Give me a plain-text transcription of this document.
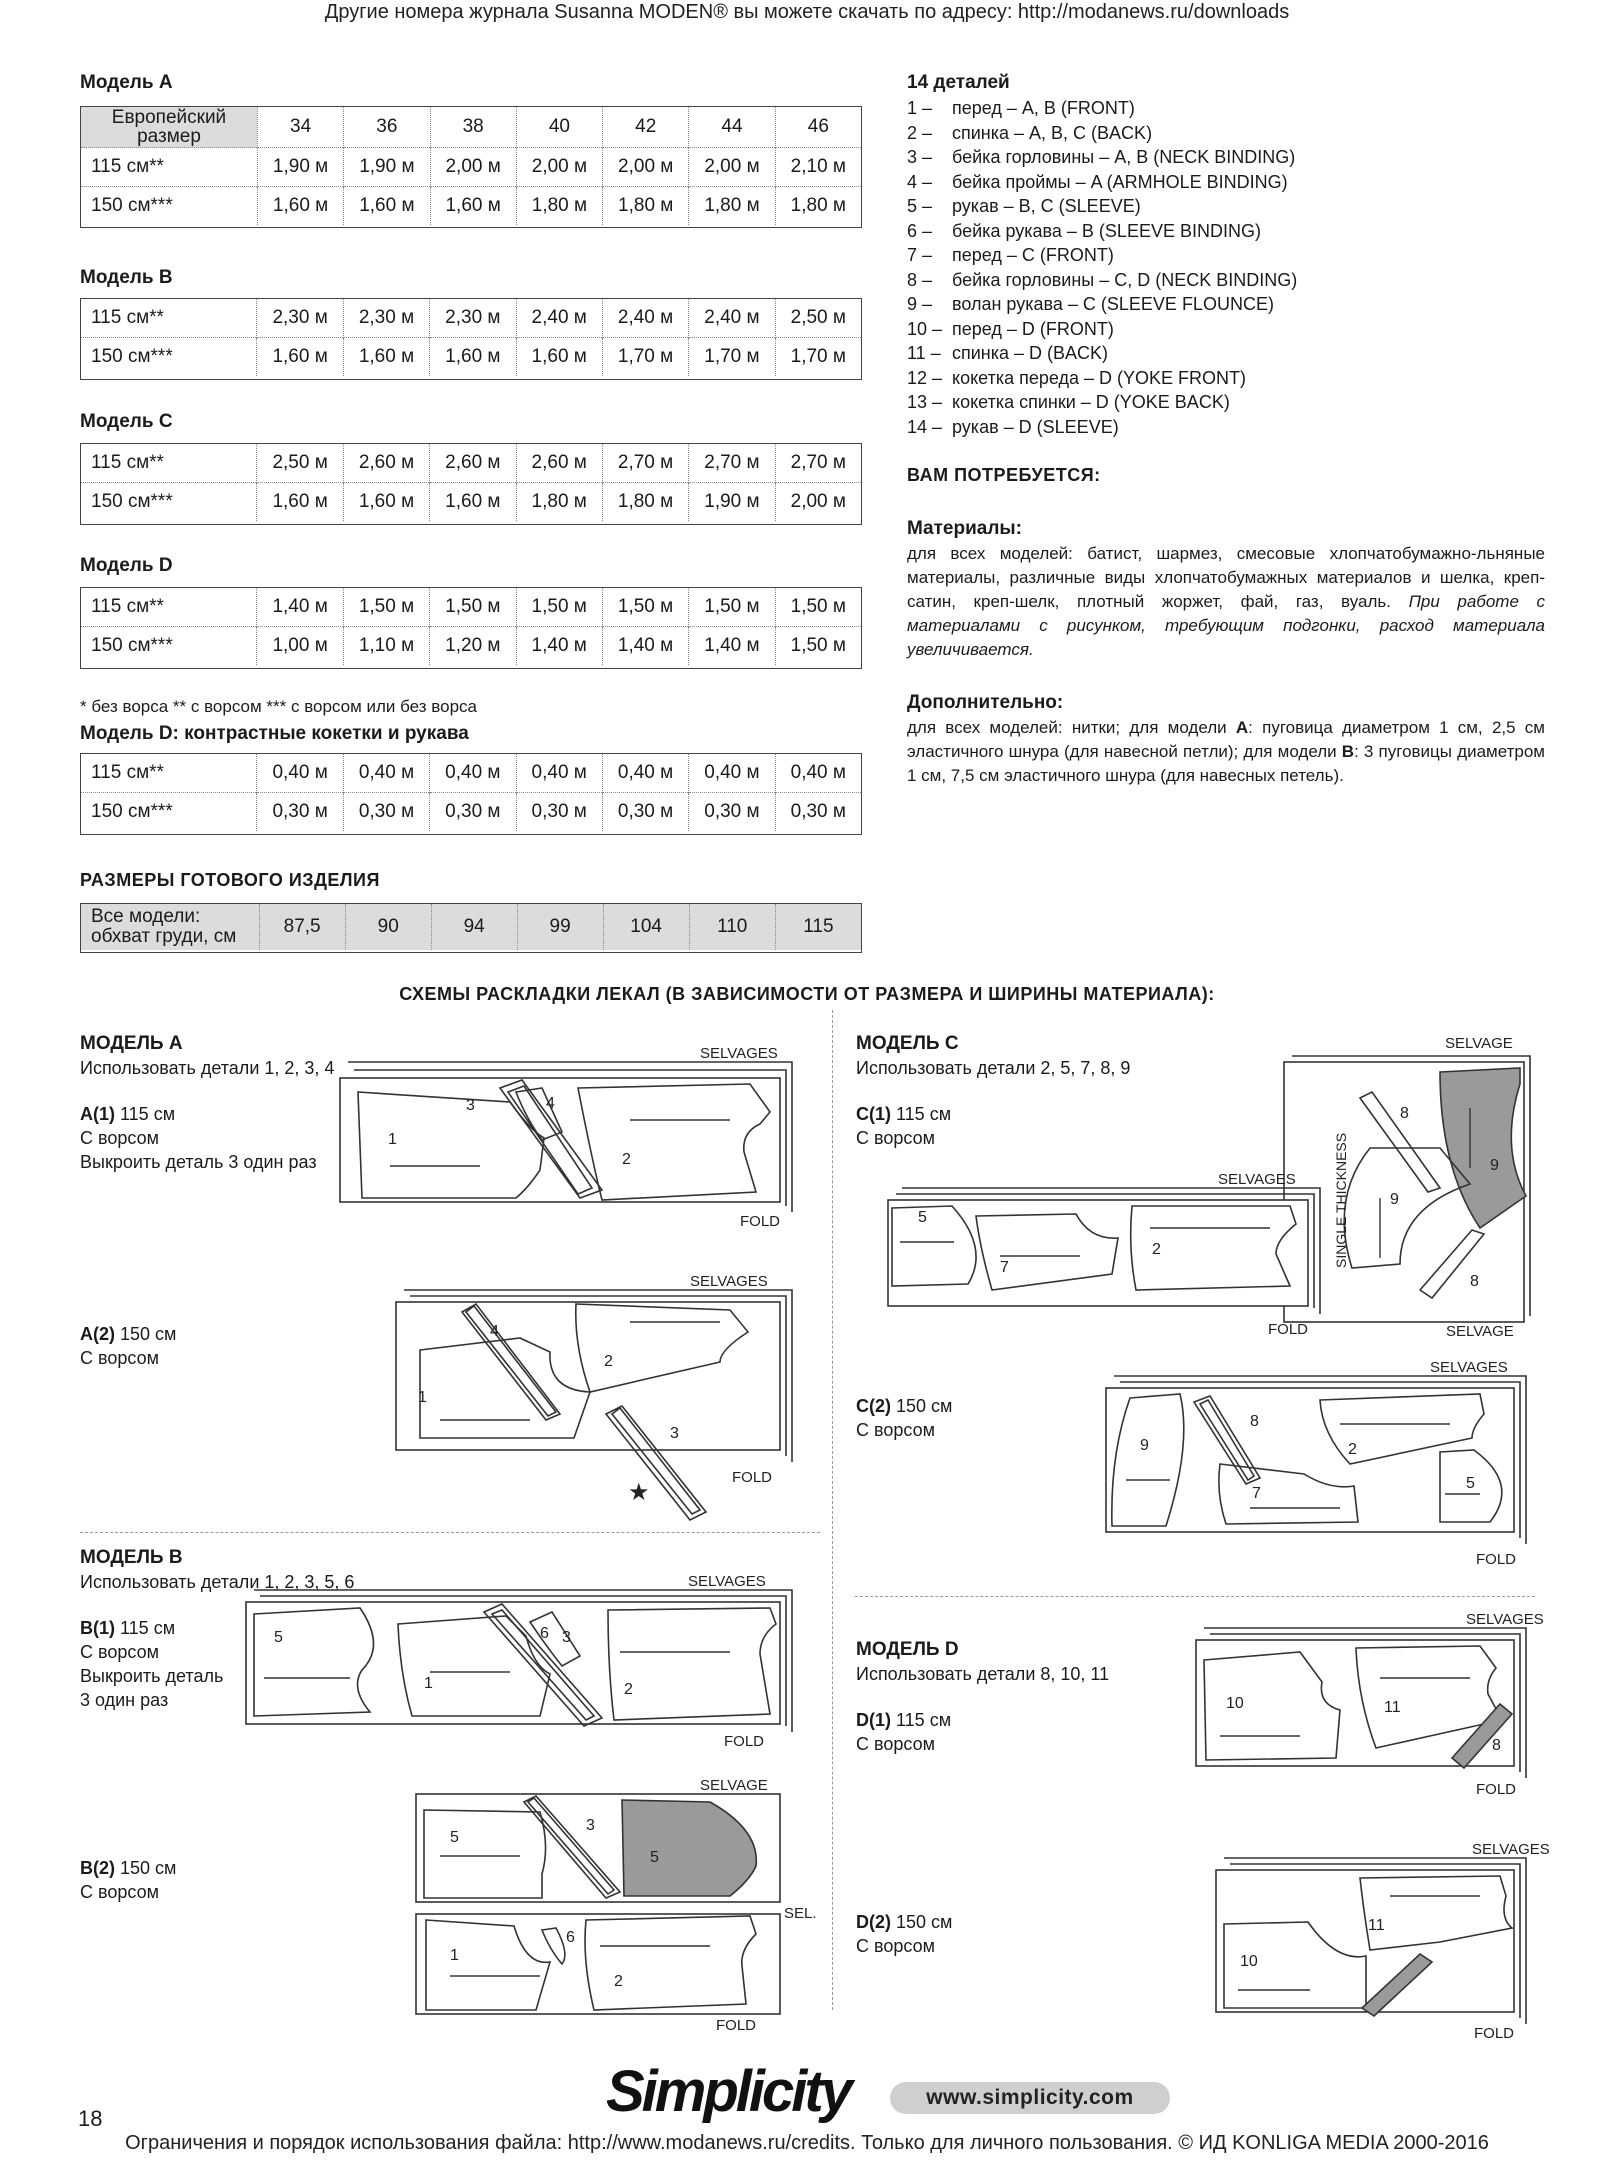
Другие номера журнала Susanna MODEN® вы можете скачать по адресу: http://modanews.ru/downloads
Модель A
Европейский размер	34	36	38	40	42	44	46
115 см**	1,90 м	1,90 м	2,00 м	2,00 м	2,00 м	2,00 м	2,10 м
150 см***	1,60 м	1,60 м	1,60 м	1,80 м	1,80 м	1,80 м	1,80 м
Модель B
115 см**	2,30 м	2,30 м	2,30 м	2,40 м	2,40 м	2,40 м	2,50 м
150 см***	1,60 м	1,60 м	1,60 м	1,60 м	1,70 м	1,70 м	1,70 м
Модель C
115 см**	2,50 м	2,60 м	2,60 м	2,60 м	2,70 м	2,70 м	2,70 м
150 см***	1,60 м	1,60 м	1,60 м	1,80 м	1,80 м	1,90 м	2,00 м
Модель D
115 см**	1,40 м	1,50 м	1,50 м	1,50 м	1,50 м	1,50 м	1,50 м
150 см***	1,00 м	1,10 м	1,20 м	1,40 м	1,40 м	1,40 м	1,50 м
Модель D: контрастные кокетки и рукава
115 см**	0,40 м	0,40 м	0,40 м	0,40 м	0,40 м	0,40 м	0,40 м
150 см***	0,30 м	0,30 м	0,30 м	0,30 м	0,30 м	0,30 м	0,30 м
* без ворса ** с ворсом *** с ворсом или без ворса
РАЗМЕРЫ ГОТОВОГО ИЗДЕЛИЯ
Все модели:
обхват груди, см	87,5	90	94	99	104	110	115
14 деталей
1 – перед – A, B (FRONT)
2 – спинка – A, B, C (BACK)
3 – бейка горловины – A, B (NECK BINDING)
4 – бейка проймы – A (ARMHOLE BINDING)
5 – рукав – B, C (SLEEVE)
6 – бейка рукава – B (SLEEVE BINDING)
7 – перед – C (FRONT)
8 – бейка горловины – C, D (NECK BINDING)
9 – волан рукава – C (SLEEVE FLOUNCE)
10 – перед – D (FRONT)
11 – спинка – D (BACK)
12 – кокетка переда – D (YOKE FRONT)
13 – кокетка спинки – D (YOKE BACK)
14 – рукав – D (SLEEVE)
ВАМ ПОТРЕБУЕТСЯ:
Материалы:
для всех моделей: батист, шармез, смесовые хлопчатобумажно-льняные материалы, различные виды хлопчатобумажных материалов и шелка, креп-сатин, креп-шелк, плотный жоржет, фай, газ, вуаль. При работе с материалами с рисунком, требующим подгонки, расход материала увеличивается.
Дополнительно:
для всех моделей: нитки; для модели A: пуговица диаметром 1 см, 2,5 см эластичного шнура (для навесной петли); для модели B: 3 пуговицы диаметром 1 см, 7,5 см эластичного шнура (для навесных петель).
СХЕМЫ РАСКЛАДКИ ЛЕКАЛ (В ЗАВИСИМОСТИ ОТ РАЗМЕРА И ШИРИНЫ МАТЕРИАЛА):
МОДЕЛЬ A
Использовать детали 1, 2, 3, 4
A(1) 115 см
С ворсом
Выкроить деталь 3 один раз
A(2) 150 см
С ворсом
МОДЕЛЬ B
Использовать детали 1, 2, 3, 5, 6
B(1) 115 см
С ворсом
Выкроить деталь
3 один раз
B(2) 150 см
С ворсом
МОДЕЛЬ C
Использовать детали 2, 5, 7, 8, 9
C(1) 115 см
С ворсом
C(2) 150 см
С ворсом
МОДЕЛЬ D
Использовать детали 8, 10, 11
D(1) 115 см
С ворсом
D(2) 150 см
С ворсом
1
2
3	4
SELVAGES
FOLD
1
2
4
3
SELVAGES
FOLD
★
5
1
6 3
2
SELVAGES
FOLD
5
5
3
1
2
6
SELVAGE
SEL.
FOLD
5
7
2
8
9
9
8
SELVAGE
SELVAGE
SELVAGES
FOLD
SINGLE THICKNESS
9
7
2
5
8
SELVAGES
FOLD
10	11
8
SELVAGES
FOLD
10
11
SELVAGES
FOLD
18	Simplicity	www.simplicity.com
Ограничения и порядок использования файла: http://www.modanews.ru/credits. Только для личного пользования. © ИД KONLIGA MEDIA 2000-2016
